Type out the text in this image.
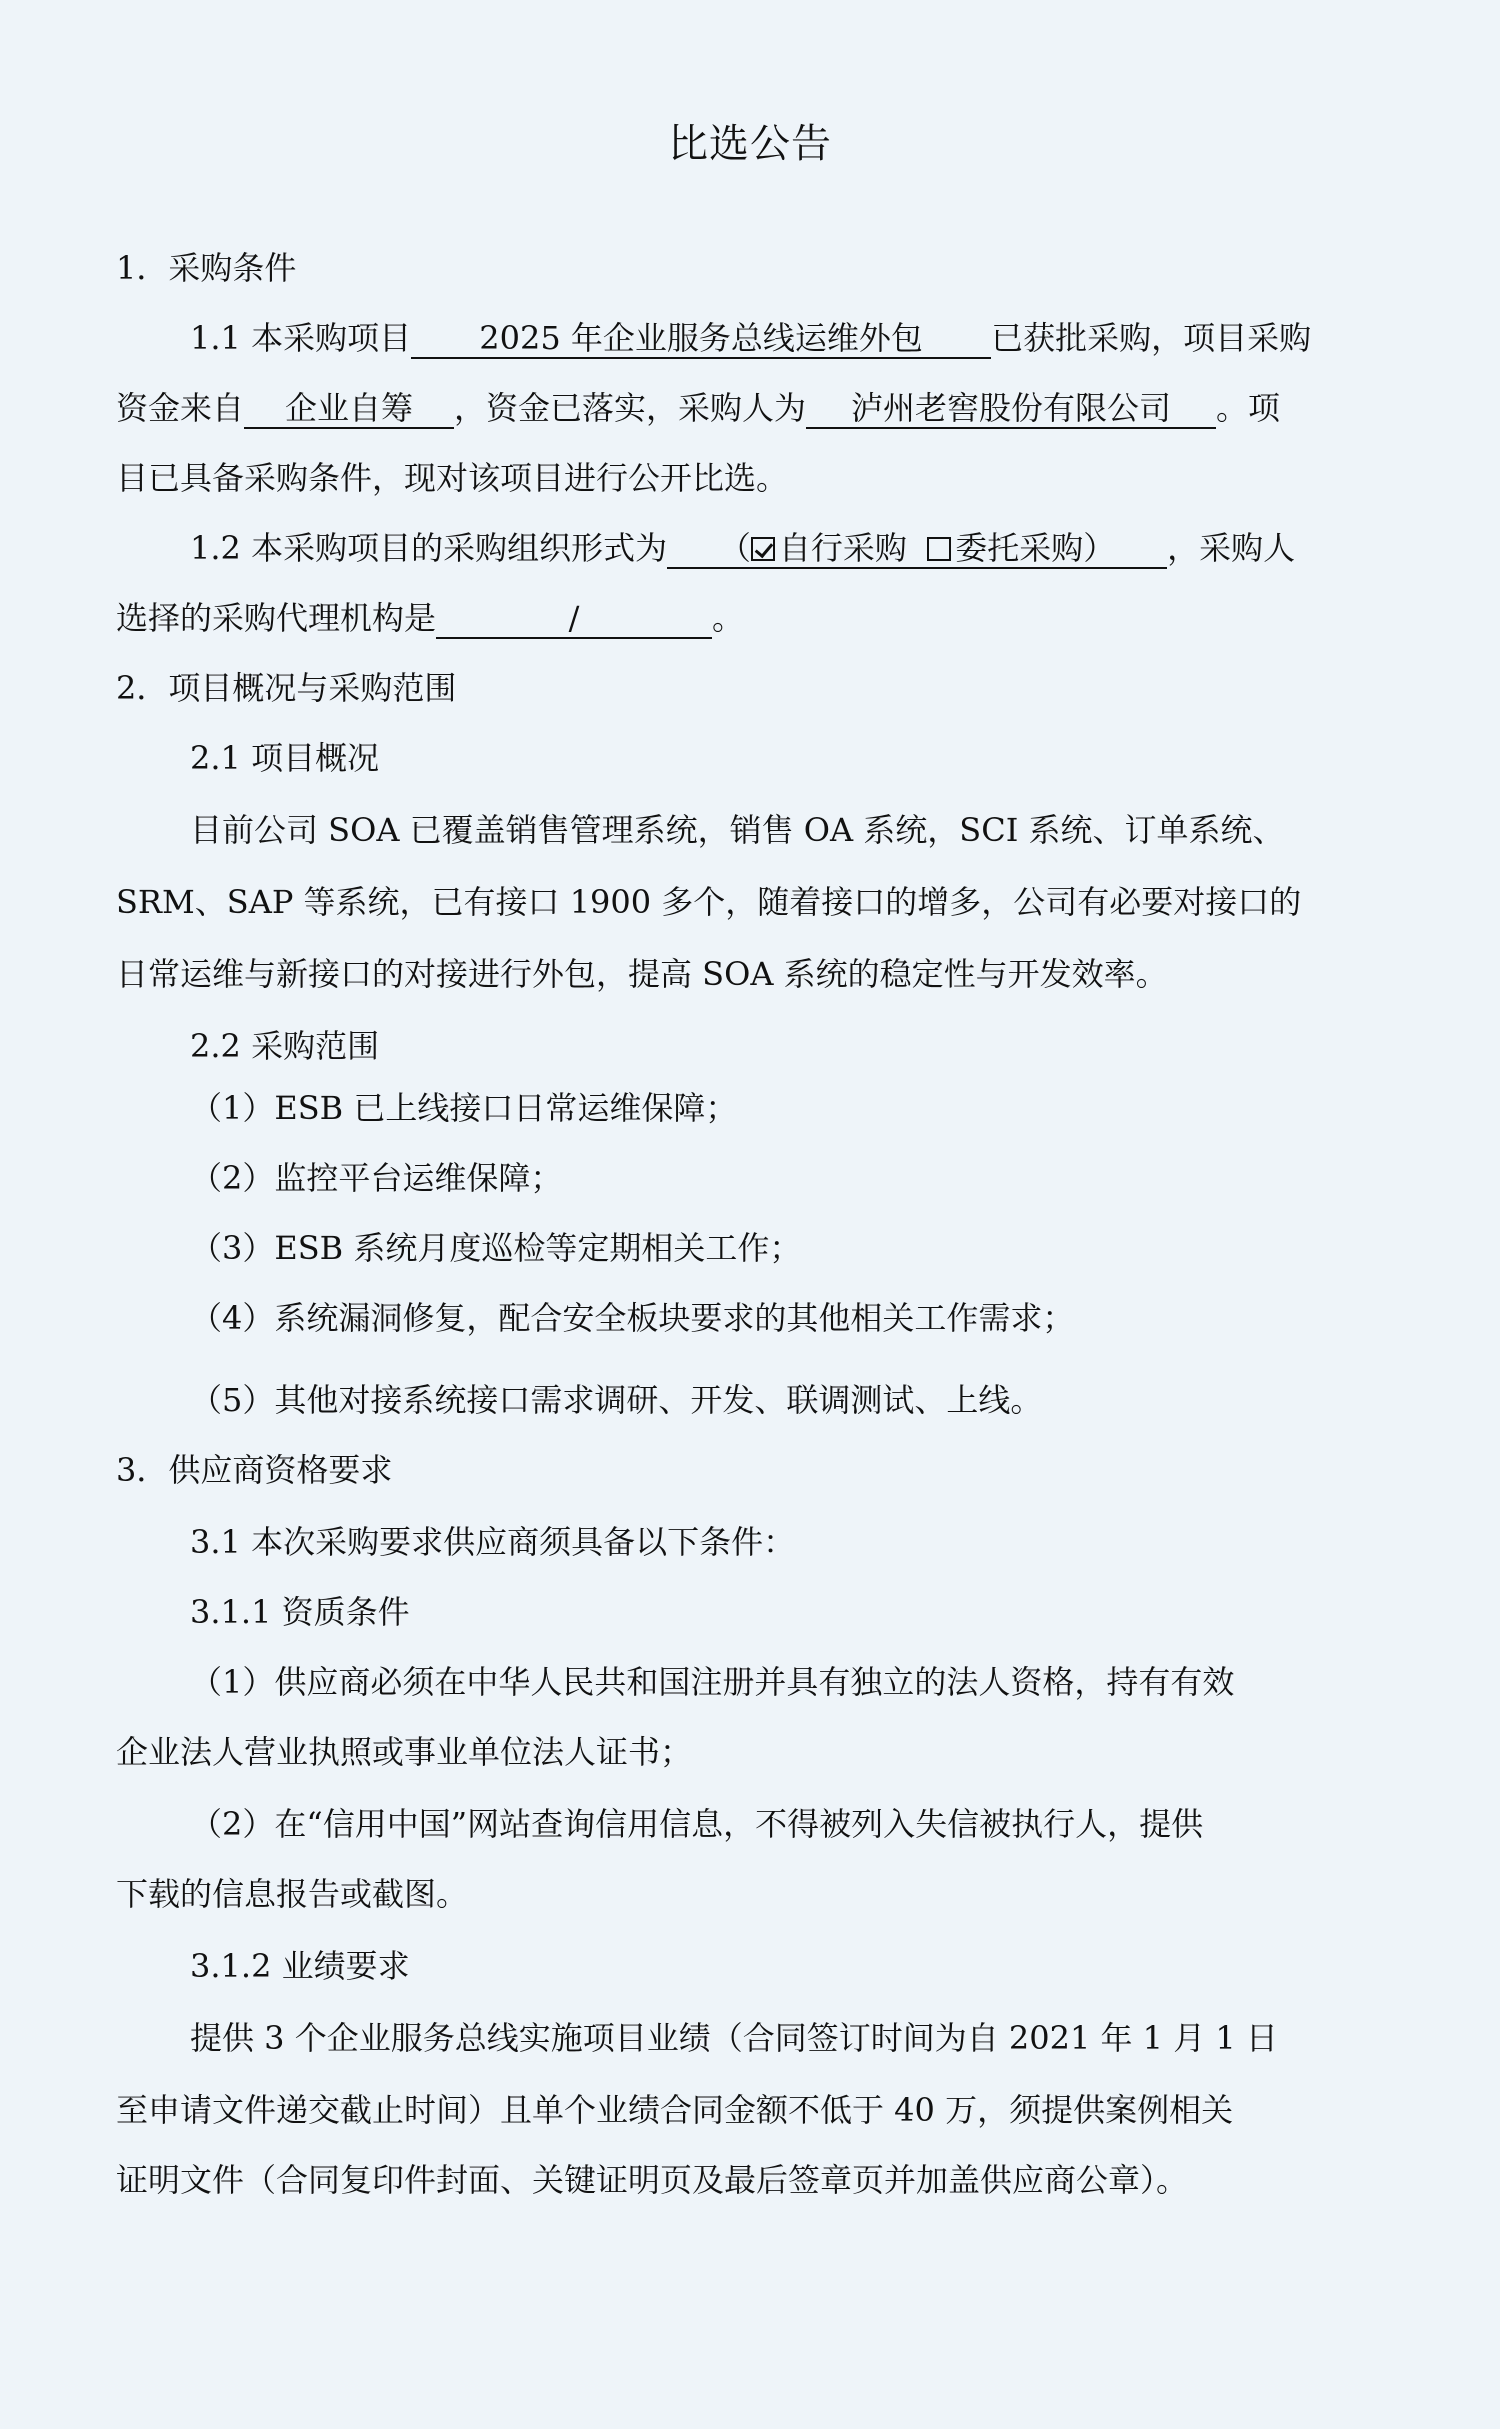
比选公告
1．采购条件
1.1 本采购项目 2025 年企业服务总线运维外包 已获批采购，项目采购
资金来自 企业自筹 ，资金已落实，采购人为 泸州老窖股份有限公司 。项
目已具备采购条件，现对该项目进行公开比选。
1.2 本采购项目的采购组织形式为 （ 自行采购 委托采购） ，采购人
选择的采购代理机构是	/	。
2．项目概况与采购范围
2.1 项目概况
目前公司 SOA 已覆盖销售管理系统，销售 OA 系统，SCI 系统、订单系统、
SRM、SAP 等系统，已有接口 1900 多个，随着接口的增多，公司有必要对接口的
日常运维与新接口的对接进行外包，提高 SOA 系统的稳定性与开发效率。
2.2 采购范围
（1）ESB 已上线接口日常运维保障；
（2）监控平台运维保障；
（3）ESB 系统月度巡检等定期相关工作；
（4）系统漏洞修复，配合安全板块要求的其他相关工作需求；
（5）其他对接系统接口需求调研、开发、联调测试、上线。
3．供应商资格要求
3.1 本次采购要求供应商须具备以下条件：
3.1.1 资质条件
（1）供应商必须在中华人民共和国注册并具有独立的法人资格，持有有效
企业法人营业执照或事业单位法人证书；
（2）在“信用中国”网站查询信用信息，不得被列入失信被执行人，提供
下载的信息报告或截图。
3.1.2 业绩要求
提供 3 个企业服务总线实施项目业绩（合同签订时间为自 2021 年 1 月 1 日
至申请文件递交截止时间）且单个业绩合同金额不低于 40 万，须提供案例相关
证明文件（合同复印件封面、关键证明页及最后签章页并加盖供应商公章）。
